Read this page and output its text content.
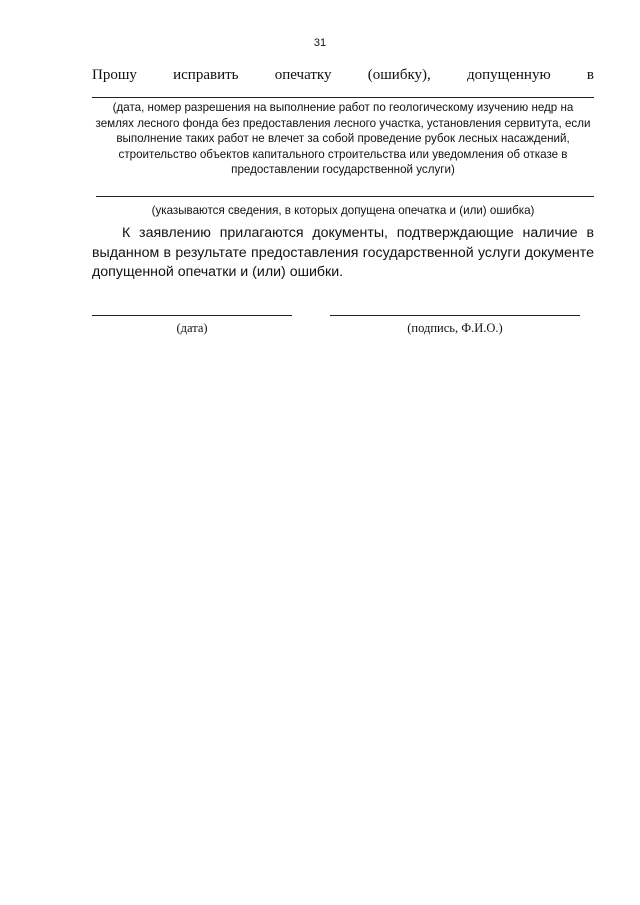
31
Прошу исправить опечатку (ошибку), допущенную в
(дата, номер разрешения на выполнение работ по геологическому изучению недр на землях лесного фонда без предоставления лесного участка, установления сервитута, если выполнение таких работ не влечет за собой проведение рубок лесных насаждений, строительство объектов капитального строительства или уведомления об отказе в предоставлении государственной услуги)
(указываются сведения, в которых допущена опечатка и (или) ошибка)
К заявлению прилагаются документы, подтверждающие наличие в выданном в результате предоставления государственной услуги документе допущенной опечатки и (или) ошибки.
(дата)	(подпись, Ф.И.О.)
